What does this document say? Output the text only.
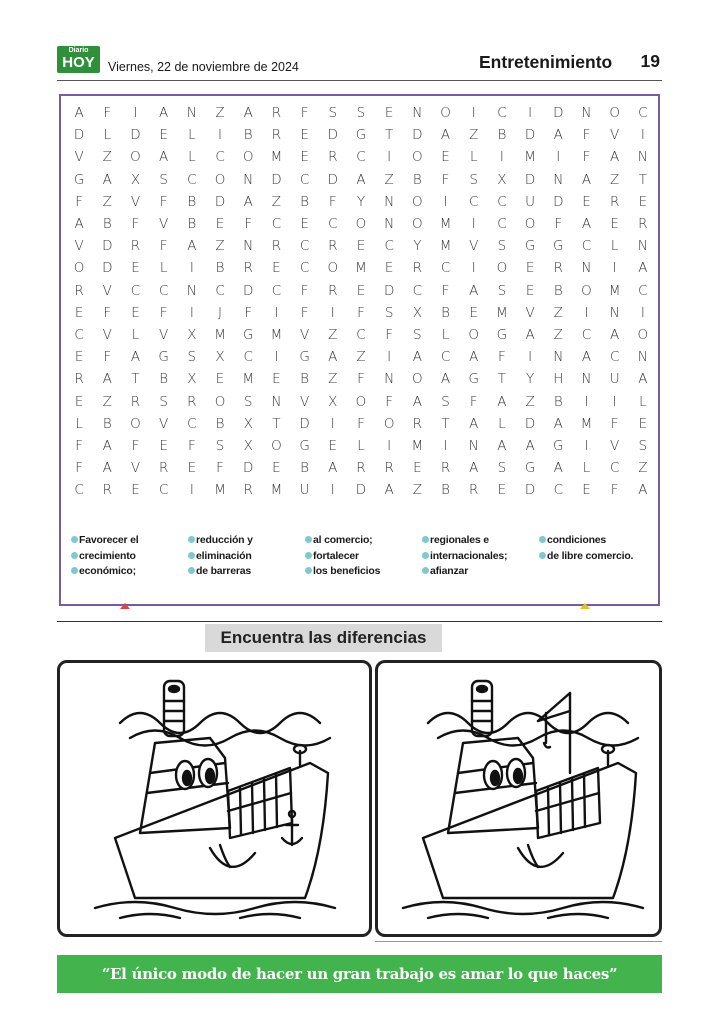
Diario
HOY	Viernes, 22 de noviembre de 2024	Entretenimiento 19
A	F	I	A	N	Z	A	R	F	S	S	E	N	O	I	C	I	D	N	O	C
D	L	D	E	L	I	B	R	E	D	G	T	D	A	Z	B	D	A	F	V	I
V	Z	O	A	L	C	O	M	E	R	C	I	O	E	L	I	M	I	F	A	N
G	A	X	S	C	O	N	D	C	D	A	Z	B	F	S	X	D	N	A	Z	T
F	Z	V	F	B	D	A	Z	B	F	Y	N	O	I	C	C	U	D	E	R	E
A	B	F	V	B	E	F	C	E	C	O	N	O	M	I	C	O	F	A	E	R
V	D	R	F	A	Z	N	R	C	R	E	C	Y	M	V	S	G	G	C	L	N
O	D	E	L	I	B	R	E	C	O	M	E	R	C	I	O	E	R	N	I	A
R	V	C	C	N	C	D	C	F	R	E	D	C	F	A	S	E	B	O	M	C
E	F	E	F	I	J	F	I	F	I	F	S	X	B	E	M	V	Z	I	N	I
C	V	L	V	X	M	G	M	V	Z	C	F	S	L	O	G	A	Z	C	A	O
E	F	A	G	S	X	C	I	G	A	Z	I	A	C	A	F	I	N	A	C	N
R	A	T	B	X	E	M	E	B	Z	F	N	O	A	G	T	Y	H	N	U	A
E	Z	R	S	R	O	S	N	V	X	O	F	A	S	F	A	Z	B	I	I	L
L	B	O	V	C	B	X	T	D	I	F	O	R	T	A	L	D	A	M	F	E
F	A	F	E	F	S	X	O	G	E	L	I	M	I	N	A	A	G	I	V	S
F	A	V	R	E	F	D	E	B	A	R	R	E	R	A	S	G	A	L	C	Z
C	R	E	C	I	M	R	M	U	I	D	A	Z	B	R	E	D	C	E	F	A
Favorecer el
crecimiento
económico;
reducción y
eliminación
de barreras
al comercio;
fortalecer
los beneficios
regionales e
internacionales;
afianzar
condiciones
de libre comercio.
Encuentra las diferencias
“El único modo de hacer un gran trabajo es amar lo que haces”
